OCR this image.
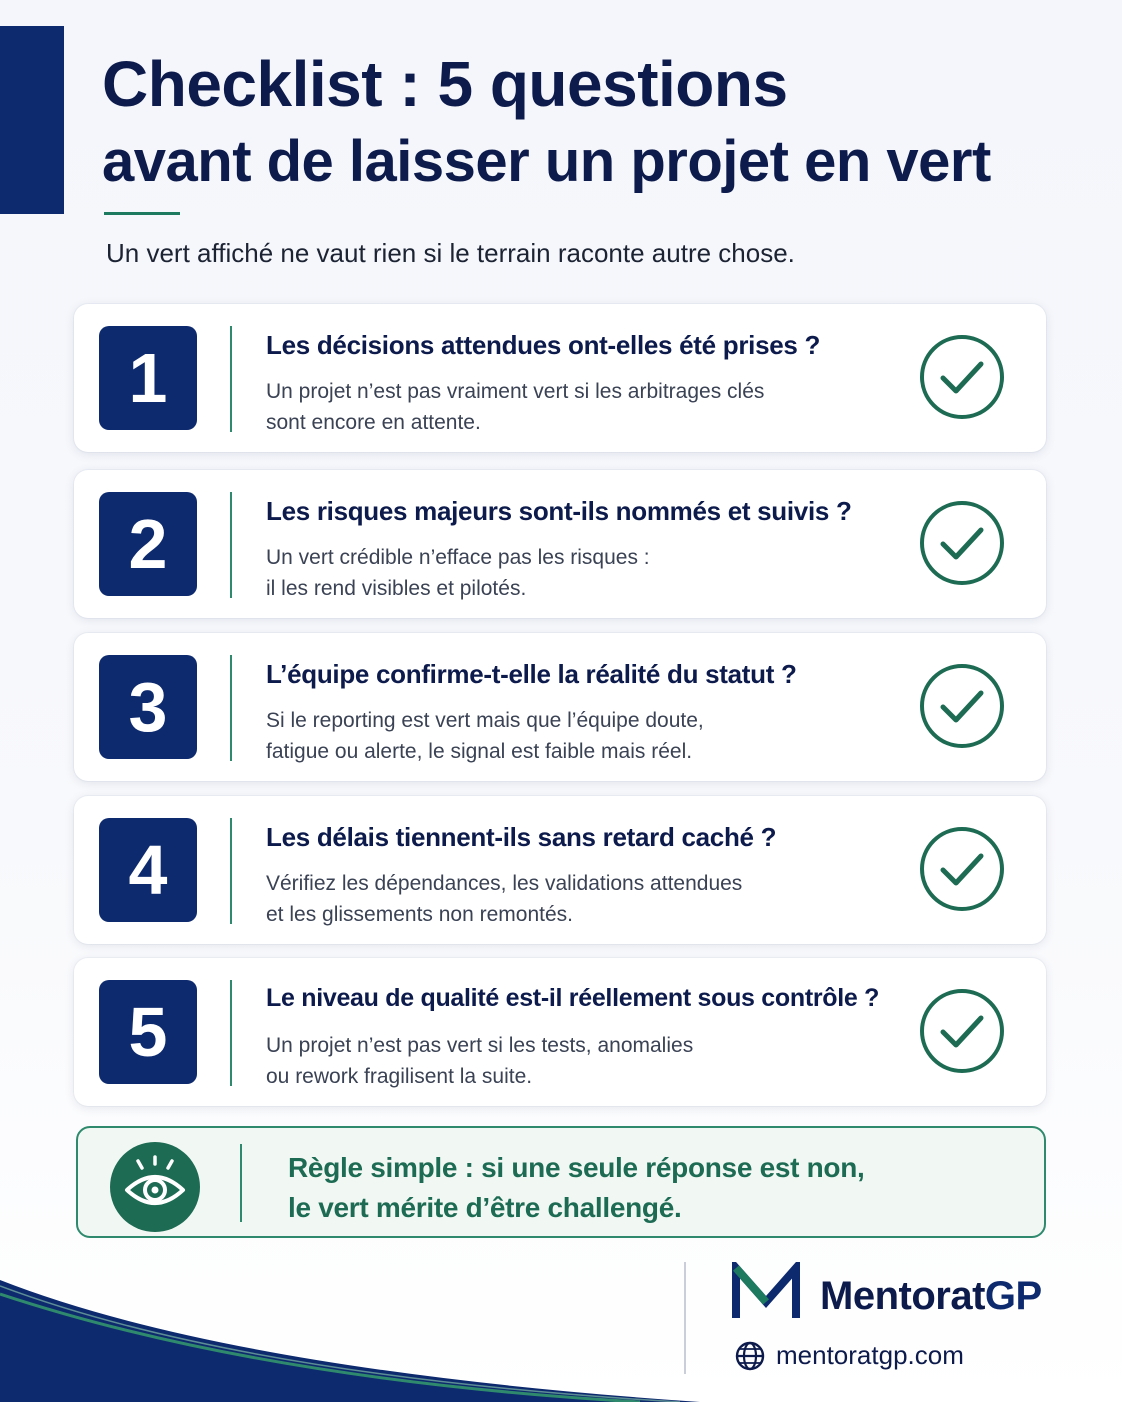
Checklist : 5 questions
avant de laisser un projet en vert
Un vert affiché ne vaut rien si le terrain raconte autre chose.
1	Les décisions attendues ont-elles été prises ?
Un projet n’est pas vraiment vert si les arbitrages clés
sont encore en attente.
2	Les risques majeurs sont-ils nommés et suivis ?
Un vert crédible n’efface pas les risques :
il les rend visibles et pilotés.
3	L’équipe confirme-t-elle la réalité du statut ?
Si le reporting est vert mais que l’équipe doute,
fatigue ou alerte, le signal est faible mais réel.
4	Les délais tiennent-ils sans retard caché ?
Vérifiez les dépendances, les validations attendues
et les glissements non remontés.
5	Le niveau de qualité est-il réellement sous contrôle ?
Un projet n’est pas vert si les tests, anomalies
ou rework fragilisent la suite.
Règle simple : si une seule réponse est non,
le vert mérite d’être challengé.
MentoratGP
mentoratgp.com
